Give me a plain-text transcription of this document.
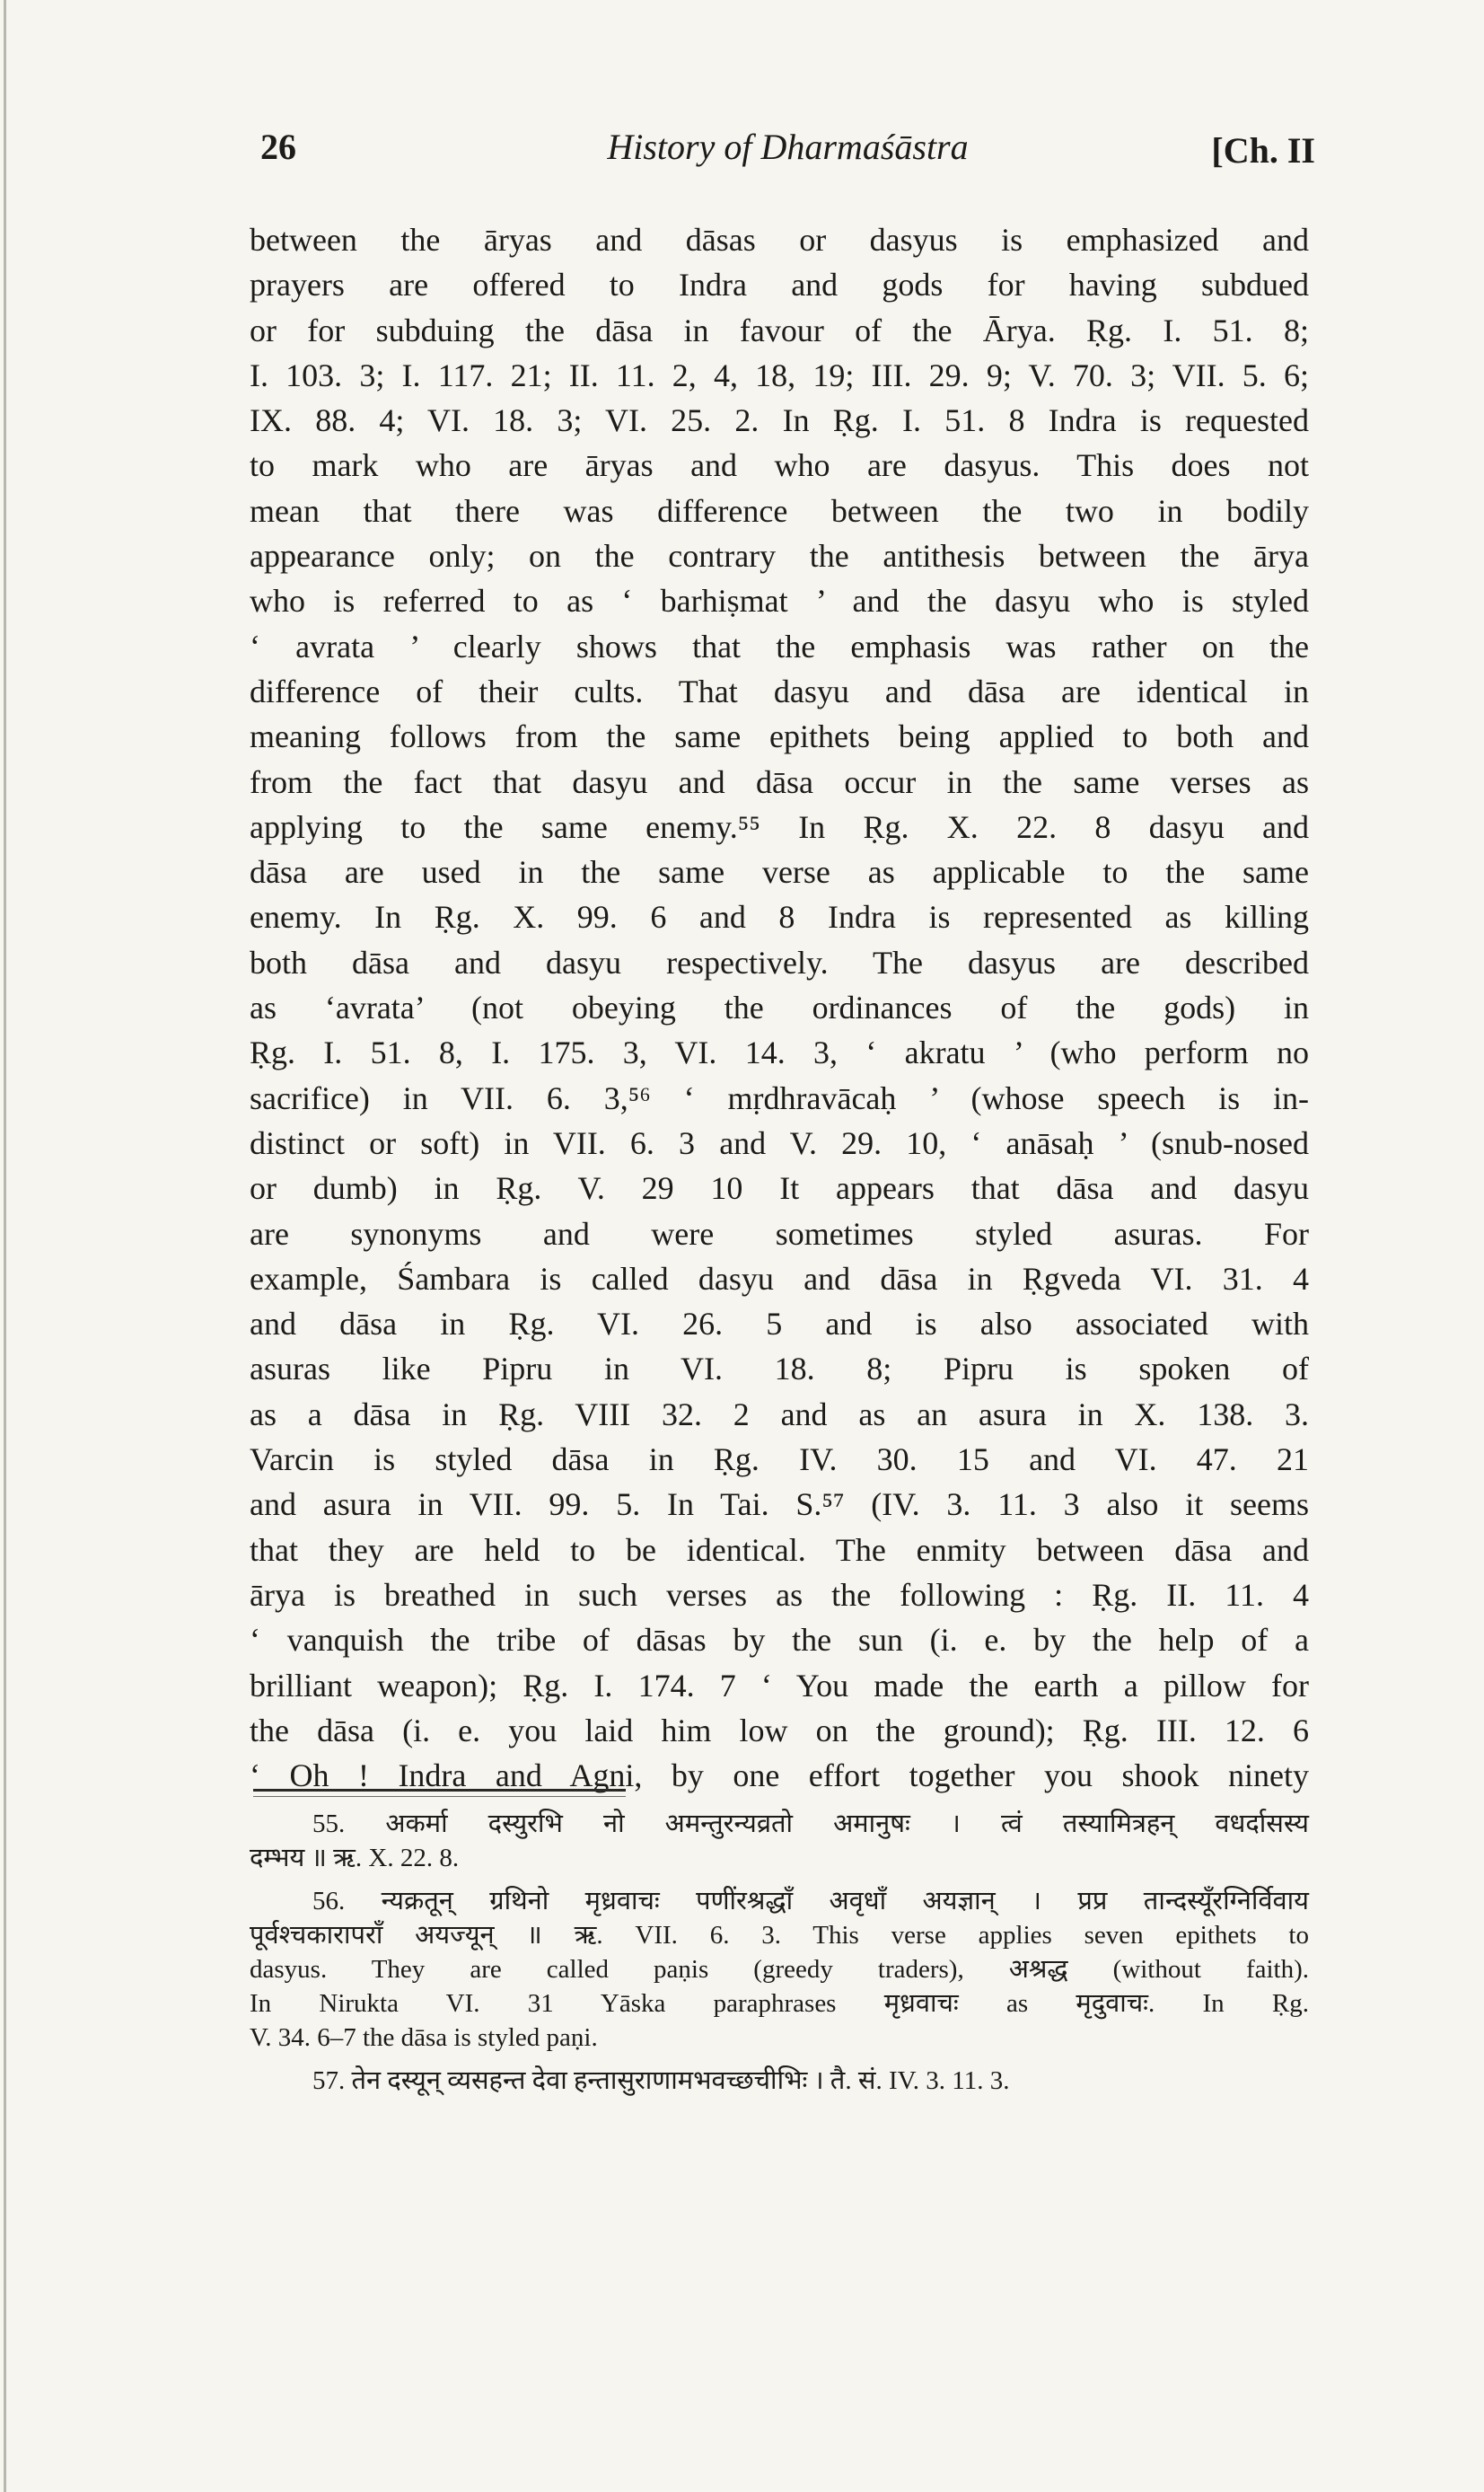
26	History of Dharmaśāstra	[Ch. II
between the āryas and dāsas or dasyus is emphasized and
prayers are offered to Indra and gods for having subdued
or for subduing the dāsa in favour of the Ārya. Ṛg. I. 51. 8;
I. 103. 3; I. 117. 21; II. 11. 2, 4, 18, 19; III. 29. 9; V. 70. 3; VII. 5. 6;
IX. 88. 4; VI. 18. 3; VI. 25. 2. In Ṛg. I. 51. 8 Indra is requested
to mark who are āryas and who are dasyus. This does not
mean that there was difference between the two in bodily
appearance only; on the contrary the antithesis between the ārya
who is referred to as ‘ barhiṣmat ’ and the dasyu who is styled
‘ avrata ’ clearly shows that the emphasis was rather on the
difference of their cults. That dasyu and dāsa are identical in
meaning follows from the same epithets being applied to both and
from the fact that dasyu and dāsa occur in the same verses as
applying to the same enemy.⁵⁵ In Ṛg. X. 22. 8 dasyu and
dāsa are used in the same verse as applicable to the same
enemy. In Ṛg. X. 99. 6 and 8 Indra is represented as killing
both dāsa and dasyu respectively. The dasyus are described
as ‘avrata’ (not obeying the ordinances of the gods) in
Ṛg. I. 51. 8, I. 175. 3, VI. 14. 3, ‘ akratu ’ (who perform no
sacrifice) in VII. 6. 3,⁵⁶ ‘ mṛdhravācaḥ ’ (whose speech is in-
distinct or soft) in VII. 6. 3 and V. 29. 10, ‘ anāsaḥ ’ (snub-nosed
or dumb) in Ṛg. V. 29 10 It appears that dāsa and dasyu
are synonyms and were sometimes styled asuras. For
example, Śambara is called dasyu and dāsa in Ṛgveda VI. 31. 4
and dāsa in Ṛg. VI. 26. 5 and is also associated with
asuras like Pipru in VI. 18. 8; Pipru is spoken of
as a dāsa in Ṛg. VIII 32. 2 and as an asura in X. 138. 3.
Varcin is styled dāsa in Ṛg. IV. 30. 15 and VI. 47. 21
and asura in VII. 99. 5. In Tai. S.⁵⁷ (IV. 3. 11. 3 also it seems
that they are held to be identical. The enmity between dāsa and
ārya is breathed in such verses as the following : Ṛg. II. 11. 4
‘ vanquish the tribe of dāsas by the sun (i. e. by the help of a
brilliant weapon); Ṛg. I. 174. 7 ‘ You made the earth a pillow for
the dāsa (i. e. you laid him low on the ground); Ṛg. III. 12. 6
‘ Oh ! Indra and Agni, by one effort together you shook ninety
55. अकर्मा दस्युरभि नो अमन्तुरन्यव्रतो अमानुषः । त्वं तस्यामित्रहन् वधर्दासस्य
दम्भय ॥ ऋ. X. 22. 8.
56. न्यक्रतून् ग्रथिनो मृध्रवाचः पणींरश्रद्धाँ अवृधाँ अयज्ञान् । प्रप्र तान्दस्यूँरग्निर्विवाय
पूर्वश्चकारापराँ अयज्यून् ॥ ऋ. VII. 6. 3. This verse applies seven epithets to
dasyus. They are called paṇis (greedy traders), अश्रद्ध (without faith).
In Nirukta VI. 31 Yāska paraphrases मृध्रवाचः as मृदुवाचः. In Ṛg.
V. 34. 6–7 the dāsa is styled paṇi.
57. तेन दस्यून् व्यसहन्त देवा हन्तासुराणामभवच्छचीभिः । तै. सं. IV. 3. 11. 3.
